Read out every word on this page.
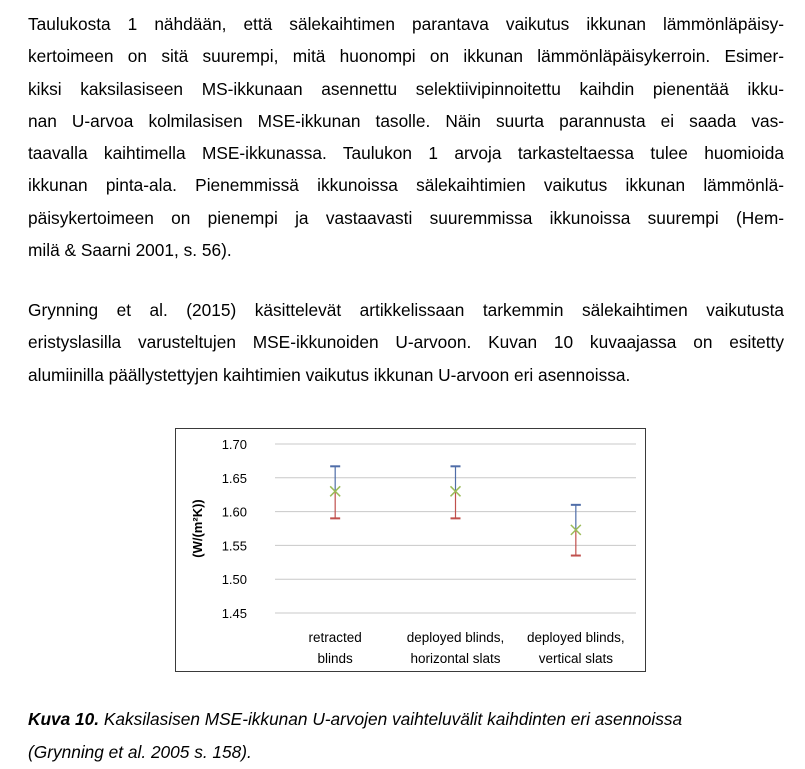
Taulukosta 1 nähdään, että sälekaihtimen parantava vaikutus ikkunan lämmönläpäisy-
kertoimeen on sitä suurempi, mitä huonompi on ikkunan lämmönläpäisykerroin. Esimer-
kiksi kaksilasiseen MS-ikkunaan asennettu selektiivipinnoitettu kaihdin pienentää ikku-
nan U-arvoa kolmilasisen MSE-ikkunan tasolle. Näin suurta parannusta ei saada vas-
taavalla kaihtimella MSE-ikkunassa. Taulukon 1 arvoja tarkasteltaessa tulee huomioida
ikkunan pinta-ala. Pienemmissä ikkunoissa sälekaihtimien vaikutus ikkunan lämmönlä-
päisykertoimeen on pienempi ja vastaavasti suuremmissa ikkunoissa suurempi (Hem-
milä & Saarni 2001, s. 56).
Grynning et al. (2015) käsittelevät artikkelissaan tarkemmin sälekaihtimen vaikutusta
eristyslasilla varusteltujen MSE-ikkunoiden U-arvoon. Kuvan 10 kuvaajassa on esitetty
alumiinilla päällystettyjen kaihtimien vaikutus ikkunan U-arvoon eri asennoissa.
1.70
1.65
1.60
1.55
1.50
1.45
(W/(m²K))
retracted
blinds
deployed blinds,
horizontal slats
deployed blinds,
vertical slats
Kuva 10. Kaksilasisen MSE-ikkunan U-arvojen vaihteluvälit kaihdinten eri asennoissa
(Grynning et al. 2005 s. 158).
